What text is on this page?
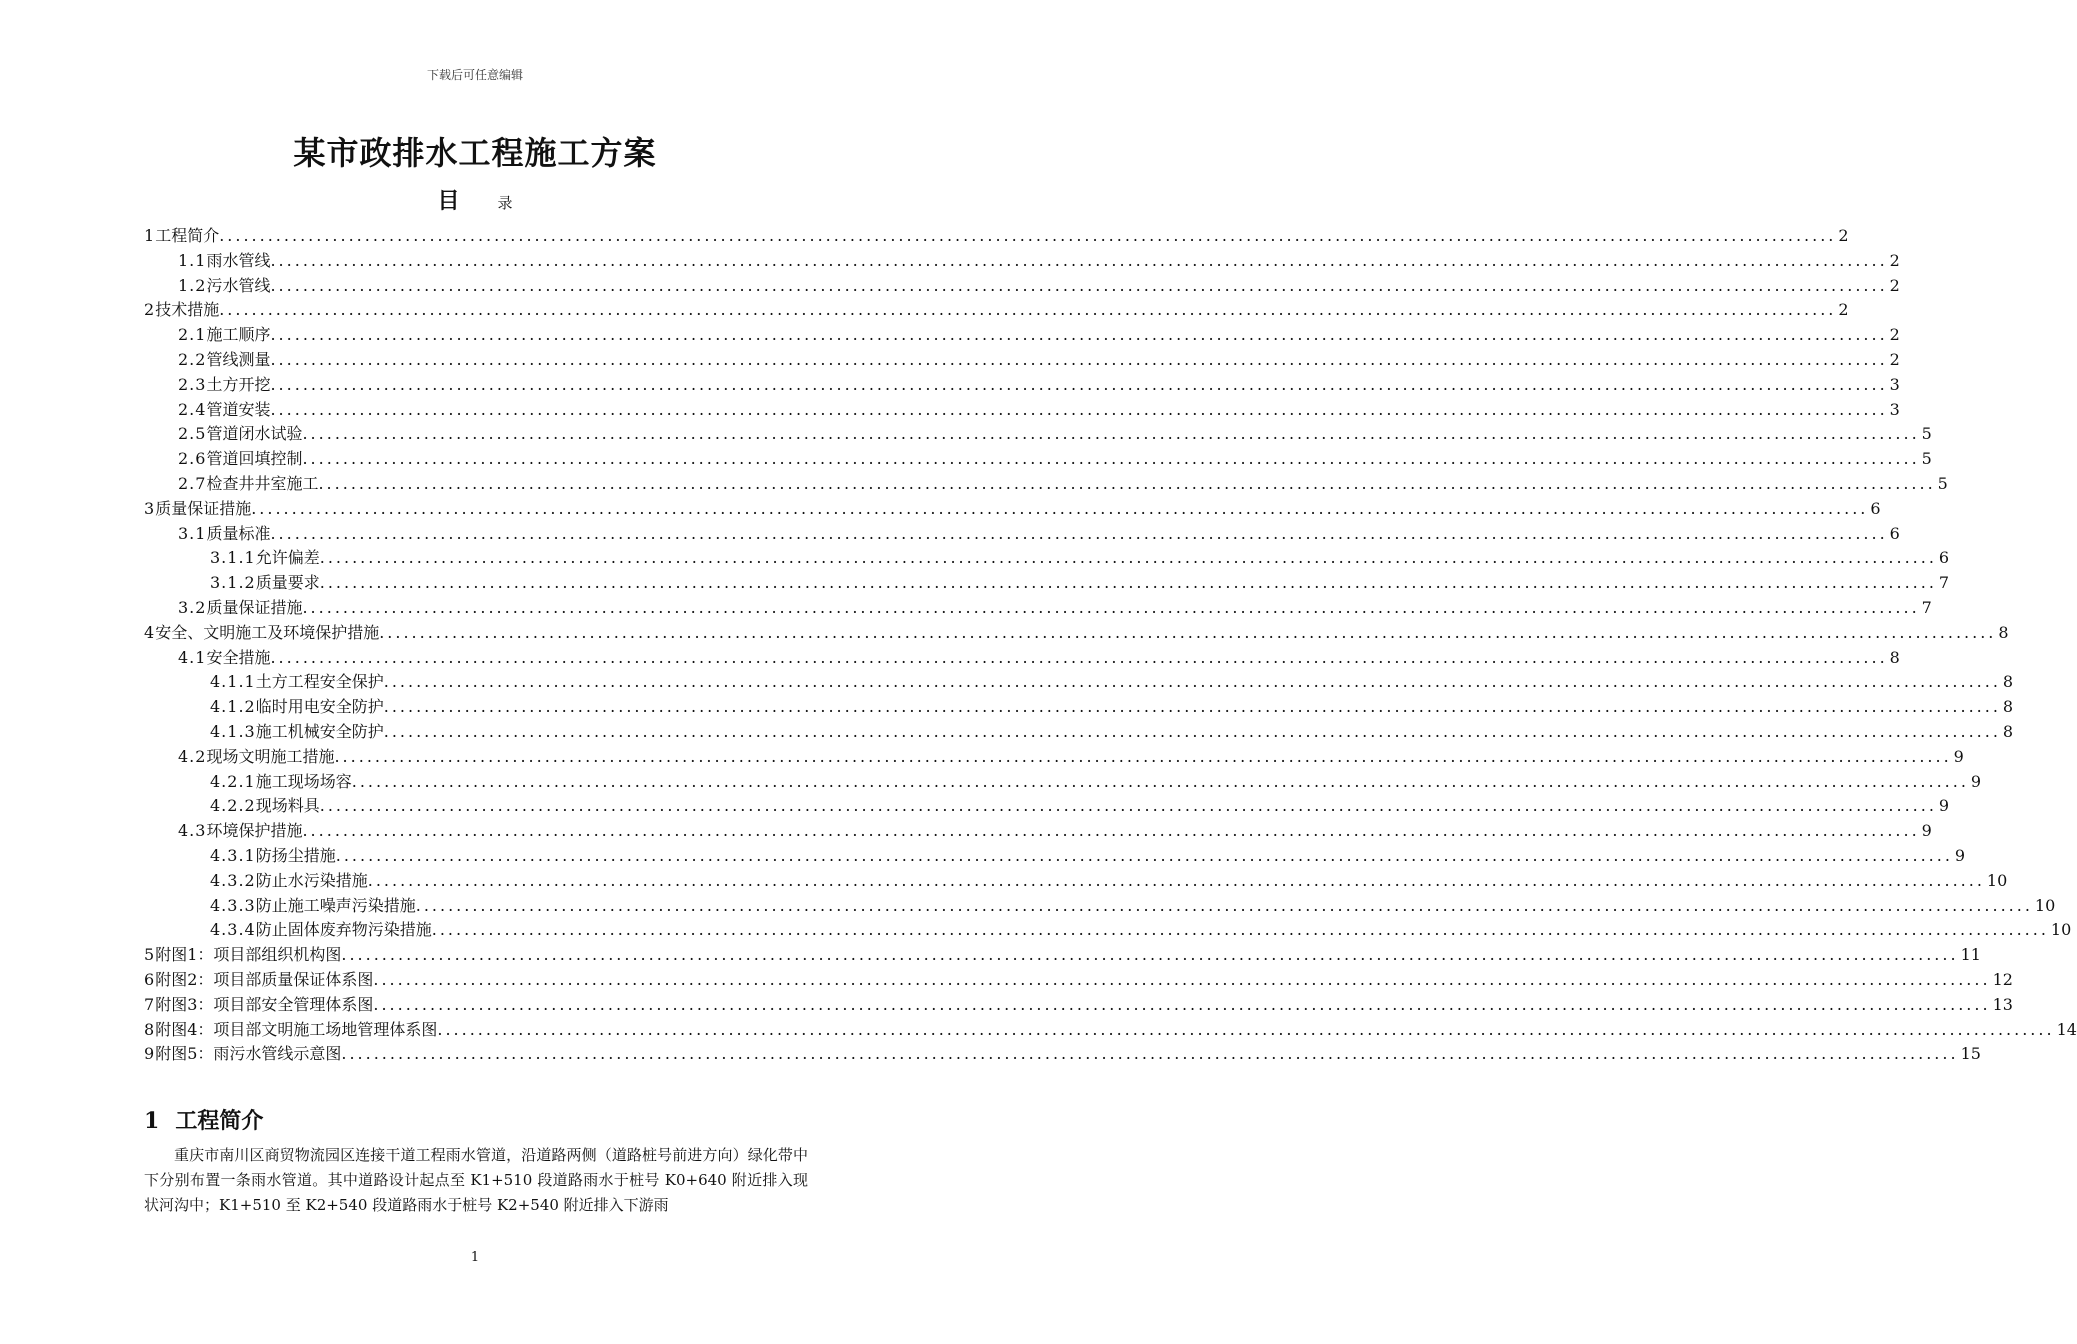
下载后可任意编辑
某市政排水工程施工方案
目	录
1 工程简介 ........................................................................................................................................................................................................ 2
1.1 雨水管线 ........................................................................................................................................................................................................ 2
1.2 污水管线 ........................................................................................................................................................................................................ 2
2 技术措施 ........................................................................................................................................................................................................ 2
2.1 施工顺序 ........................................................................................................................................................................................................ 2
2.2 管线测量 ........................................................................................................................................................................................................ 2
2.3 土方开挖 ........................................................................................................................................................................................................ 3
2.4 管道安装 ........................................................................................................................................................................................................ 3
2.5 管道闭水试验 ........................................................................................................................................................................................................ 5
2.6 管道回填控制 ........................................................................................................................................................................................................ 5
2.7 检查井井室施工 ........................................................................................................................................................................................................ 5
3 质量保证措施 ........................................................................................................................................................................................................ 6
3.1 质量标准 ........................................................................................................................................................................................................ 6
3.1.1 允许偏差 ........................................................................................................................................................................................................ 6
3.1.2 质量要求 ........................................................................................................................................................................................................ 7
3.2 质量保证措施 ........................................................................................................................................................................................................ 7
4 安全、文明施工及环境保护措施 ........................................................................................................................................................................................................ 8
4.1 安全措施 ........................................................................................................................................................................................................ 8
4.1.1 土方工程安全保护 ........................................................................................................................................................................................................ 8
4.1.2 临时用电安全防护 ........................................................................................................................................................................................................ 8
4.1.3 施工机械安全防护 ........................................................................................................................................................................................................ 8
4.2 现场文明施工措施 ........................................................................................................................................................................................................ 9
4.2.1 施工现场场容 ........................................................................................................................................................................................................ 9
4.2.2 现场料具 ........................................................................................................................................................................................................ 9
4.3 环境保护措施 ........................................................................................................................................................................................................ 9
4.3.1 防扬尘措施 ........................................................................................................................................................................................................ 9
4.3.2 防止水污染措施 ........................................................................................................................................................................................................ 10
4.3.3 防止施工噪声污染措施 ........................................................................................................................................................................................................ 10
4.3.4 防止固体废弃物污染措施 ........................................................................................................................................................................................................ 10
5 附图1：项目部组织机构图 ........................................................................................................................................................................................................ 11
6 附图2：项目部质量保证体系图 ........................................................................................................................................................................................................ 12
7 附图3：项目部安全管理体系图 ........................................................................................................................................................................................................ 13
8 附图4：项目部文明施工场地管理体系图 ........................................................................................................................................................................................................ 14
9 附图5：雨污水管线示意图 ........................................................................................................................................................................................................ 15
1 工程简介
重庆市南川区商贸物流园区连接干道工程雨水管道，沿道路两侧（道路桩号前进方向）绿化带中下分别布置一条雨水管道。其中道路设计起点至 K1+510 段道路雨水于桩号 K0+640 附近排入现状河沟中；K1+510 至 K2+540 段道路雨水于桩号 K2+540 附近排入下游雨
1
